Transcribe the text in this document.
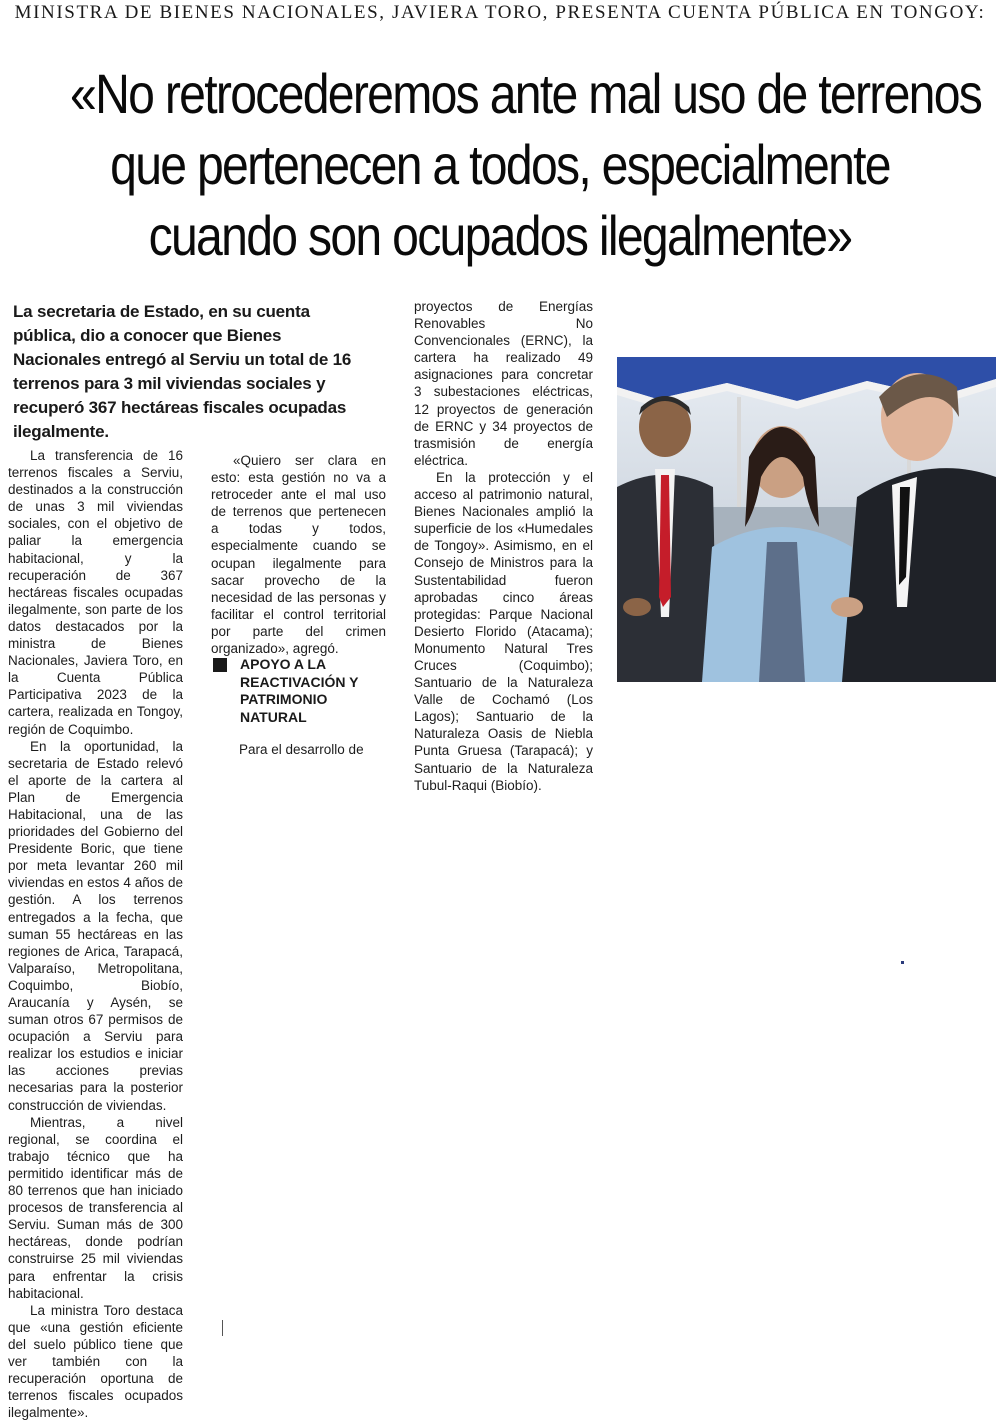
MINISTRA DE BIENES NACIONALES, JAVIERA TORO, PRESENTA CUENTA PÚBLICA EN TONGOY:
«No retrocederemos ante mal uso de terrenos
que pertenecen a todos, especialmente
cuando son ocupados ilegalmente»
La secretaria de Estado, en su cuenta pública, dio a conocer que Bienes Nacionales entregó al Serviu un total de 16 terrenos para 3 mil viviendas sociales y recuperó 367 hectáreas fiscales ocupadas ilegalmente.

La transferencia de 16 terrenos fiscales a Serviu, destinados a la construcción de unas 3 mil viviendas sociales, con el objetivo de paliar la emergencia habitacional, y la recuperación de 367 hectáreas fiscales ocupadas ilegalmente, son parte de los datos destacados por la ministra de Bienes Nacionales, Javiera Toro, en la Cuenta Pública Participativa 2023 de la cartera, realizada en Tongoy, región de Coquimbo.

En la oportunidad, la secretaria de Estado relevó el aporte de la cartera al Plan de Emergencia Habitacional, una de las prioridades del Gobierno del Presidente Boric, que tiene por meta levantar 260 mil viviendas en estos 4 años de gestión. A los terrenos entregados a la fecha, que suman 55 hectáreas en las regiones de Arica, Tarapacá, Valparaíso, Metropolitana, Coquimbo, Biobío, Araucanía y Aysén, se suman otros 67 permisos de ocupación a Serviu para realizar los estudios e iniciar las acciones previas necesarias para la posterior construcción de viviendas.

Mientras, a nivel regional, se coordina el trabajo técnico que ha permitido identificar más de 80 terrenos que han iniciado procesos de transferencia al Serviu. Suman más de 300 hectáreas, donde podrían construirse 25 mil viviendas para enfrentar la crisis habitacional.

La ministra Toro destaca que «una gestión eficiente del suelo público tiene que ver también con la recuperación oportuna de terrenos fiscales ocupados ilegalmente».

«Quiero ser clara en esto: esta gestión no va a retroceder ante el mal uso de terrenos que pertenecen a todas y todos, especialmente cuando se ocupan ilegalmente para sacar provecho de la necesidad de las personas y facilitar el control territorial por parte del crimen organizado», agregó.

APOYO A LA REACTIVACIÓN Y PATRIMONIO NATURAL

Para el desarrollo de

proyectos de Energías Renovables No Convencionales (ERNC), la cartera ha realizado 49 asignaciones para concretar 3 subestaciones eléctricas, 12 proyectos de generación de ERNC y 34 proyectos de trasmisión de energía eléctrica.

En la protección y el acceso al patrimonio natural, Bienes Nacionales amplió la superficie de los «Humedales de Tongoy». Asimismo, en el Consejo de Ministros para la Sustentabilidad fueron aprobadas cinco áreas protegidas: Parque Nacional Desierto Florido (Atacama); Monumento Natural Tres Cruces (Coquimbo); Santuario de la Naturaleza Valle de Cochamó (Los Lagos); Santuario de la Naturaleza Oasis de Niebla Punta Gruesa (Tarapacá); y Santuario de la Naturaleza Tubul-Raqui (Biobío).
